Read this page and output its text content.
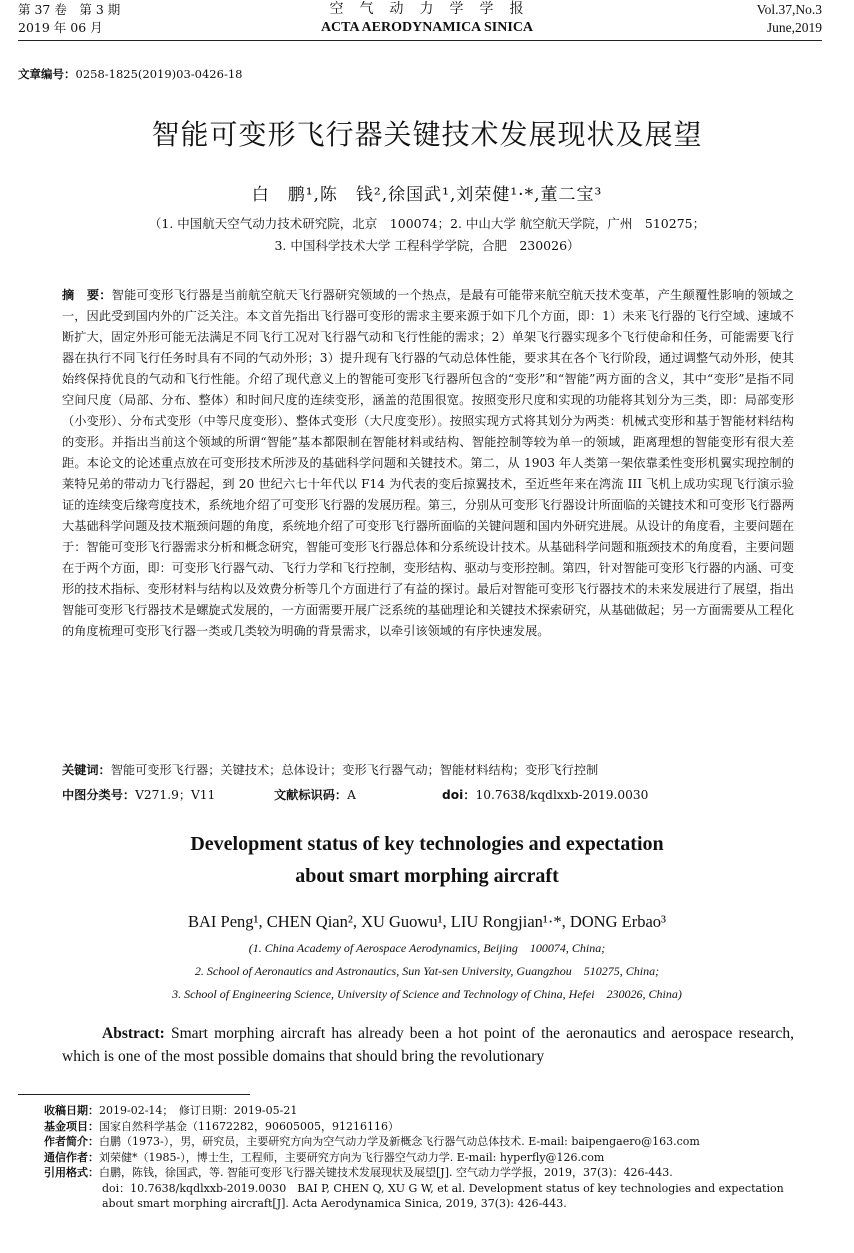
第 37 卷　第 3 期
2019 年 06 月
空　气　动　力　学　学　报
ACTA AERODYNAMICA SINICA
Vol.37,No.3
June,2019
文章编号：0258-1825(2019)03-0426-18
智能可变形飞行器关键技术发展现状及展望
白　鹏¹,陈　钱²,徐国武¹,刘荣健¹·*,董二宝³
（1. 中国航天空气动力技术研究院，北京　100074；2. 中山大学 航空航天学院，广州　510275；
3. 中国科学技术大学 工程科学学院，合肥　230026）
摘　要：智能可变形飞行器是当前航空航天飞行器研究领域的一个热点，是最有可能带来航空航天技术变革，产生颠覆性影响的领域之一，因此受到国内外的广泛关注。本文首先指出飞行器可变形的需求主要来源于如下几个方面，即：1）未来飞行器的飞行空域、速域不断扩大，固定外形可能无法满足不同飞行工况对飞行器气动和飞行性能的需求；2）单架飞行器实现多个飞行使命和任务，可能需要飞行器在执行不同飞行任务时具有不同的气动外形；3）提升现有飞行器的气动总体性能，要求其在各个飞行阶段，通过调整气动外形，使其始终保持优良的气动和飞行性能。介绍了现代意义上的智能可变形飞行器所包含的“变形”和“智能”两方面的含义，其中“变形”是指不同空间尺度（局部、分布、整体）和时间尺度的连续变形，涵盖的范围很宽。按照变形尺度和实现的功能将其划分为三类，即：局部变形（小变形）、分布式变形（中等尺度变形）、整体式变形（大尺度变形）。按照实现方式将其划分为两类：机械式变形和基于智能材料结构的变形。并指出当前这个领域的所谓“智能”基本都限制在智能材料或结构、智能控制等较为单一的领域，距离理想的智能变形有很大差距。本论文的论述重点放在可变形技术所涉及的基础科学问题和关键技术。第二，从 1903 年人类第一架依靠柔性变形机翼实现控制的莱特兄弟的带动力飞行器起，到 20 世纪六七十年代以 F14 为代表的变后掠翼技术，至近些年来在湾流 III 飞机上成功实现飞行演示验证的连续变后缘弯度技术，系统地介绍了可变形飞行器的发展历程。第三，分别从可变形飞行器设计所面临的关键技术和可变形飞行器两大基础科学问题及技术瓶颈问题的角度，系统地介绍了可变形飞行器所面临的关键问题和国内外研究进展。从设计的角度看，主要问题在于：智能可变形飞行器需求分析和概念研究，智能可变形飞行器总体和分系统设计技术。从基础科学问题和瓶颈技术的角度看，主要问题在于两个方面，即：可变形飞行器气动、飞行力学和飞行控制，变形结构、驱动与变形控制。第四，针对智能可变形飞行器的内涵、可变形的技术指标、变形材料与结构以及效费分析等几个方面进行了有益的探讨。最后对智能可变形飞行器技术的未来发展进行了展望，指出智能可变形飞行器技术是螺旋式发展的，一方面需要开展广泛系统的基础理论和关键技术探索研究，从基础做起；另一方面需要从工程化的角度梳理可变形飞行器一类或几类较为明确的背景需求，以牵引该领域的有序快速发展。
关键词：智能可变形飞行器；关键技术；总体设计；变形飞行器气动；智能材料结构；变形飞行控制
中图分类号：V271.9；V11	文献标识码：A	doi：10.7638/kqdlxxb-2019.0030
Development status of key technologies and expectation
about smart morphing aircraft
BAI Peng¹, CHEN Qian², XU Guowu¹, LIU Rongjian¹·*, DONG Erbao³
(1. China Academy of Aerospace Aerodynamics, Beijing　100074, China;
2. School of Aeronautics and Astronautics, Sun Yat-sen University, Guangzhou　510275, China;
3. School of Engineering Science, University of Science and Technology of China, Hefei　230026, China)
Abstract: Smart morphing aircraft has already been a hot point of the aeronautics and aerospace research, which is one of the most possible domains that should bring the revolutionary
收稿日期：2019-02-14；　修订日期：2019-05-21
基金项目：国家自然科学基金（11672282，90605005，91216116）
作者简介：白鹏（1973-），男，研究员，主要研究方向为空气动力学及新概念飞行器气动总体技术. E-mail: baipengaero@163.com
通信作者：刘荣健*（1985-），博士生，工程师，主要研究方向为飞行器空气动力学. E-mail: hyperfly@126.com
引用格式：白鹏，陈钱，徐国武，等. 智能可变形飞行器关键技术发展现状及展望[J]. 空气动力学学报，2019，37(3)：426-443.
doi：10.7638/kqdlxxb-2019.0030　BAI P, CHEN Q, XU G W, et al. Development status of key technologies and expectation
about smart morphing aircraft[J]. Acta Aerodynamica Sinica, 2019, 37(3): 426-443.
